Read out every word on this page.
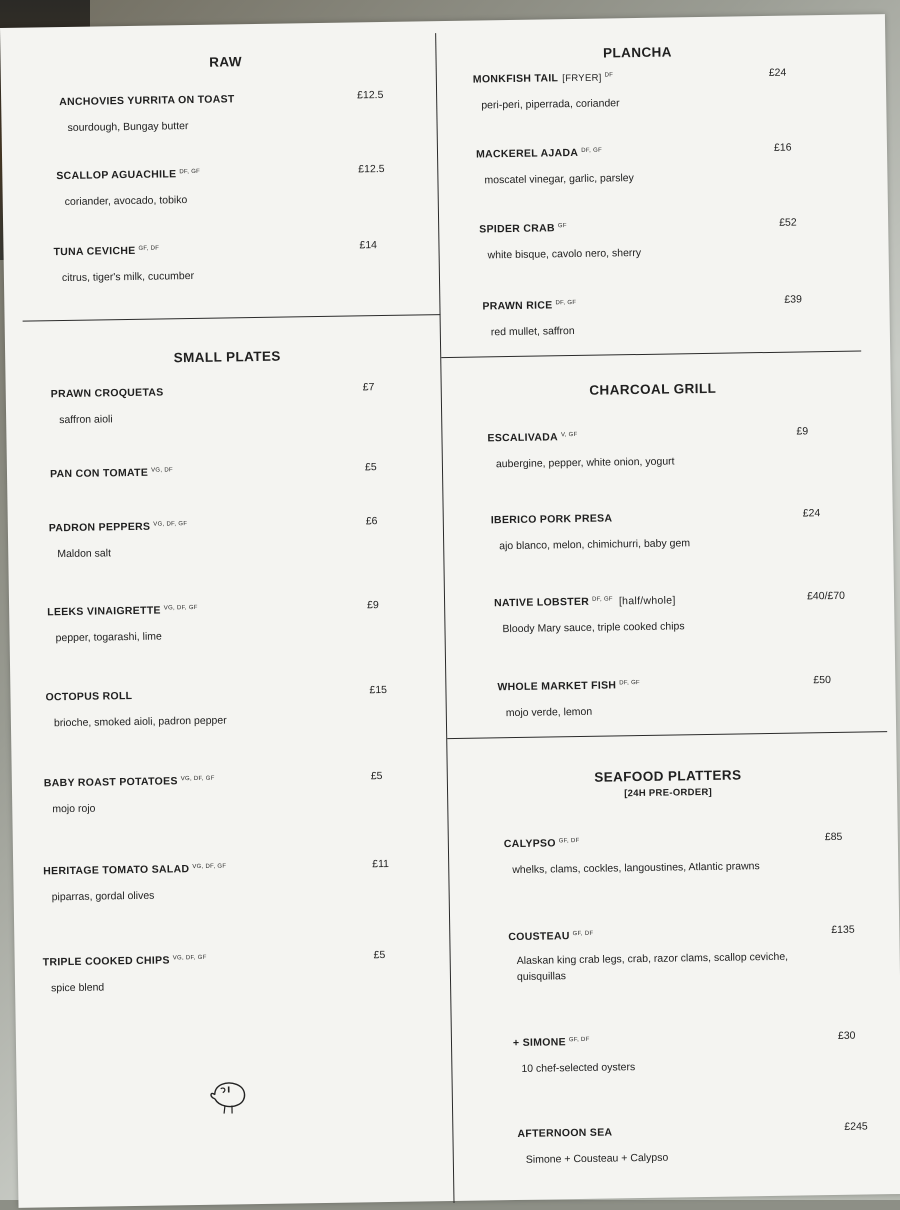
RAW
ANCHOVIES YURRITA ON TOAST
sourdough, Bungay butter
£12.5
SCALLOP AGUACHILE $^{DF, GF}$
coriander, avocado, tobiko
£12.5
TUNA CEVICHE $^{GF, DF}$
citrus, tiger's milk, cucumber
£14
SMALL PLATES
PRAWN CROQUETAS
saffron aioli
£7
PAN CON TOMATE $^{VG, DF}$	£5
PADRON PEPPERS $^{VG, DF, GF}$
Maldon salt
£6
LEEKS VINAIGRETTE $^{VG, DF, GF}$
pepper, togarashi, lime
£9
OCTOPUS ROLL
brioche, smoked aioli, padron pepper
£15
BABY ROAST POTATOES $^{VG, DF, GF}$
mojo rojo
£5
HERITAGE TOMATO SALAD $^{VG, DF, GF}$
piparras, gordal olives
£11
TRIPLE COOKED CHIPS $^{VG, DF, GF}$
spice blend
£5
PLANCHA
MONKFISH TAIL [FRYER] $^{DF}$
peri-peri, piperrada, coriander
£24
MACKEREL AJADA $^{DF, GF}$
moscatel vinegar, garlic, parsley
£16
SPIDER CRAB $^{GF}$
white bisque, cavolo nero, sherry
£52
PRAWN RICE $^{DF, GF}$
red mullet, saffron
£39
CHARCOAL GRILL
ESCALIVADA $^{V, GF}$
aubergine, pepper, white onion, yogurt
£9
IBERICO PORK PRESA
ajo blanco, melon, chimichurri, baby gem
£24
NATIVE LOBSTER $^{DF, GF}$ [half/whole]
Bloody Mary sauce, triple cooked chips
£40/£70
WHOLE MARKET FISH $^{DF, GF}$
mojo verde, lemon
£50
SEAFOOD PLATTERS
[24H PRE-ORDER]
CALYPSO $^{GF, DF}$
whelks, clams, cockles, langoustines, Atlantic prawns
£85
COUSTEAU $^{GF, DF}$
Alaskan king crab legs, crab, razor clams, scallop ceviche, quisquillas
£135
+ SIMONE $^{GF, DF}$
10 chef-selected oysters
£30
AFTERNOON SEA
Simone + Cousteau + Calypso
£245
